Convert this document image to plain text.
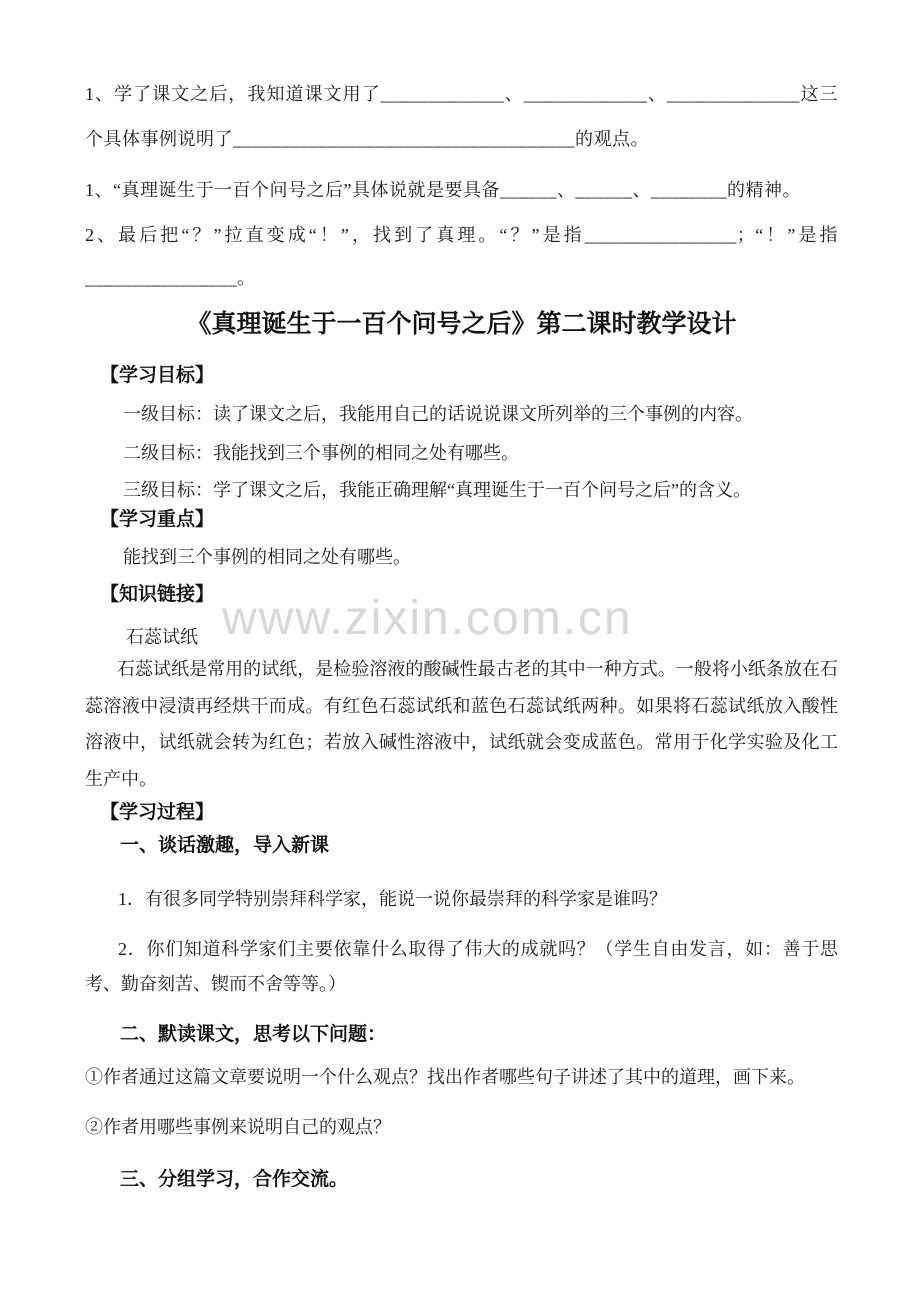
www.zixin.com.cn
1、学了课文之后，我知道课文用了_____________、_____________、______________这三个具体事例说明了____________________________________的观点。
1、“真理诞生于一百个问号之后”具体说就是要具备______、______、________的精神。
2、最后把“？”拉直变成“！”，找到了真理。“？”是指________________；“！”是指________________。
《真理诞生于一百个问号之后》第二课时教学设计
【学习目标】
一级目标：读了课文之后，我能用自己的话说说课文所列举的三个事例的内容。
二级目标：我能找到三个事例的相同之处有哪些。
三级目标：学了课文之后，我能正确理解“真理诞生于一百个问号之后”的含义。
【学习重点】
能找到三个事例的相同之处有哪些。
【知识链接】
石蕊试纸
石蕊试纸是常用的试纸，是检验溶液的酸碱性最古老的其中一种方式。一般将小纸条放在石蕊溶液中浸渍再经烘干而成。有红色石蕊试纸和蓝色石蕊试纸两种。如果将石蕊试纸放入酸性溶液中，试纸就会转为红色；若放入碱性溶液中，试纸就会变成蓝色。常用于化学实验及化工生产中。
【学习过程】
一、谈话激趣，导入新课
1．有很多同学特别崇拜科学家，能说一说你最崇拜的科学家是谁吗？
2．你们知道科学家们主要依靠什么取得了伟大的成就吗？（学生自由发言，如：善于思考、勤奋刻苦、锲而不舍等等。）
二、默读课文，思考以下问题：
①作者通过这篇文章要说明一个什么观点？找出作者哪些句子讲述了其中的道理，画下来。
②作者用哪些事例来说明自己的观点？
三、分组学习，合作交流。
